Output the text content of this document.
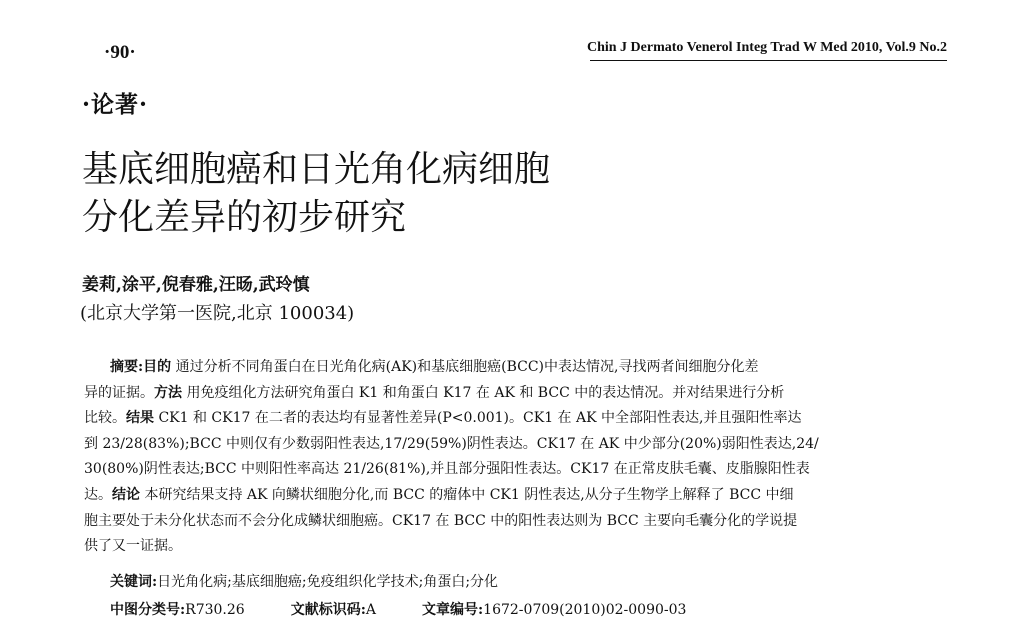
·90·	Chin J Dermato Venerol Integ Trad W Med 2010, Vol.9 No.2
·论著·
基底细胞癌和日光角化病细胞
分化差异的初步研究
姜莉,涂平,倪春雅,汪旸,武玲慎
(北京大学第一医院,北京 100034)
摘要:目的 通过分析不同角蛋白在日光角化病(AK)和基底细胞癌(BCC)中表达情况,寻找两者间细胞分化差
异的证据。方法 用免疫组化方法研究角蛋白 K1 和角蛋白 K17 在 AK 和 BCC 中的表达情况。并对结果进行分析
比较。结果 CK1 和 CK17 在二者的表达均有显著性差异(P<0.001)。CK1 在 AK 中全部阳性表达,并且强阳性率达
到 23/28(83%);BCC 中则仅有少数弱阳性表达,17/29(59%)阴性表达。CK17 在 AK 中少部分(20%)弱阳性表达,24/
30(80%)阴性表达;BCC 中则阳性率高达 21/26(81%),并且部分强阳性表达。CK17 在正常皮肤毛囊、皮脂腺阳性表
达。结论 本研究结果支持 AK 向鳞状细胞分化,而 BCC 的瘤体中 CK1 阴性表达,从分子生物学上解释了 BCC 中细
胞主要处于未分化状态而不会分化成鳞状细胞癌。CK17 在 BCC 中的阳性表达则为 BCC 主要向毛囊分化的学说提
供了又一证据。
关键词:日光角化病;基底细胞癌;免疫组织化学技术;角蛋白;分化
中图分类号:R730.26	文献标识码:A	文章编号:1672-0709(2010)02-0090-03
